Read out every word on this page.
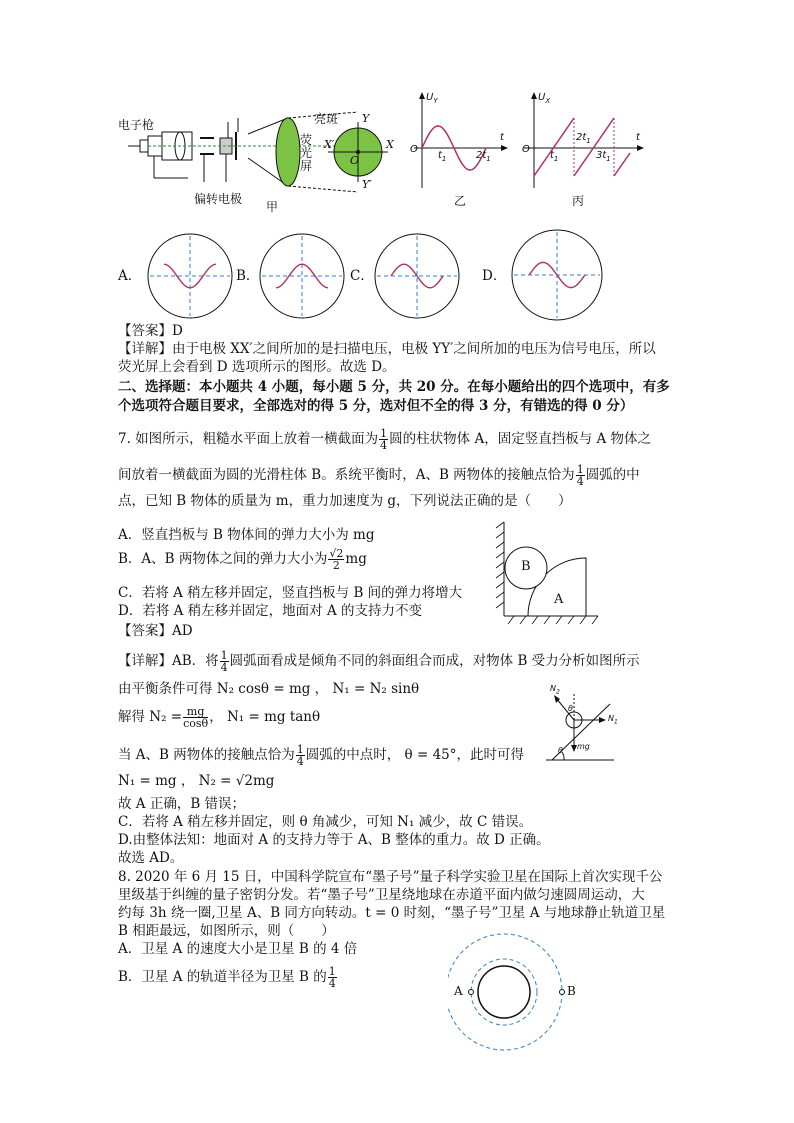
电子枪
偏转电极
亮斑
荧光屏
Y
Y′
X
X′
O
甲
$U_Y$
O
$t_1$	$2t_1$
t
乙
$U_X$
O
$t_1$
$2t_1$
$3t_1$
t
丙
A．	B．	C．	D．
【答案】D
【详解】由于电极 XX′之间所加的是扫描电压，电极 YY′之间所加的电压为信号电压，所以
荧光屏上会看到 D 选项所示的图形。故选 D。
二、选择题：本小题共 4 小题，每小题 5 分，共 20 分。在每小题给出的四个选项中，有多
个选项符合题目要求，全部选对的得 5 分，选对但不全的得 3 分，有错选的得 0 分）
7. 如图所示，粗糙水平面上放着一横截面为 $\frac{1}{4}$ 圆的柱状物体 A，固定竖直挡板与 A 物体之
间放着一横截面为圆的光滑柱体 B。系统平衡时，A、B 两物体的接触点恰为 $\frac{1}{4}$ 圆弧的中
点，已知 B 物体的质量为 m，重力加速度为 g，下列说法正确的是（　　）
A．竖直挡板与 B 物体间的弹力大小为 mg
B．A、B 两物体之间的弹力大小为 $\frac{√2}{2}$ mg
C．若将 A 稍左移并固定，竖直挡板与 B 间的弹力将增大
D．若将 A 稍左移并固定，地面对 A 的支持力不变
B
A
【答案】AD
【详解】AB．将 $\frac{1}{4}$ 圆弧面看成是倾角不同的斜面组合而成，对物体 B 受力分析如图所示
由平衡条件可得 N₂ cosθ = mg ， N₁ = N₂ sinθ
解得 $N_2 = \frac{mg}{\cos\theta}$ ， N₁ = mg tanθ
当 A、B 两物体的接触点恰为 $\frac{1}{4}$ 圆弧的中点时， θ = 45°，此时可得
N₁ = mg ， N₂ = √2mg
故 A 正确，B 错误；
C．若将 A 稍左移并固定，则 θ 角减少，可知 N₁ 减少，故 C 错误。
D.由整体法知：地面对 A 的支持力等于 A、B 整体的重力。故 D 正确。
故选 AD。
$N_2$
$N_1$
mg
θ
θ
8. 2020 年 6 月 15 日，中国科学院宣布“墨子号”量子科学实验卫星在国际上首次实现千公
里级基于纠缠的量子密钥分发。若“墨子号”卫星绕地球在赤道平面内做匀速圆周运动，大
约每 3h 绕一圈,卫星 A、B 同方向转动。t = 0 时刻，“墨子号”卫星 A 与地球静止轨道卫星
B 相距最远，如图所示，则（　　）
A．卫星 A 的速度大小是卫星 B 的 4 倍
B．卫星 A 的轨道半径为卫星 B 的 $\frac{1}{4}$
A	B
